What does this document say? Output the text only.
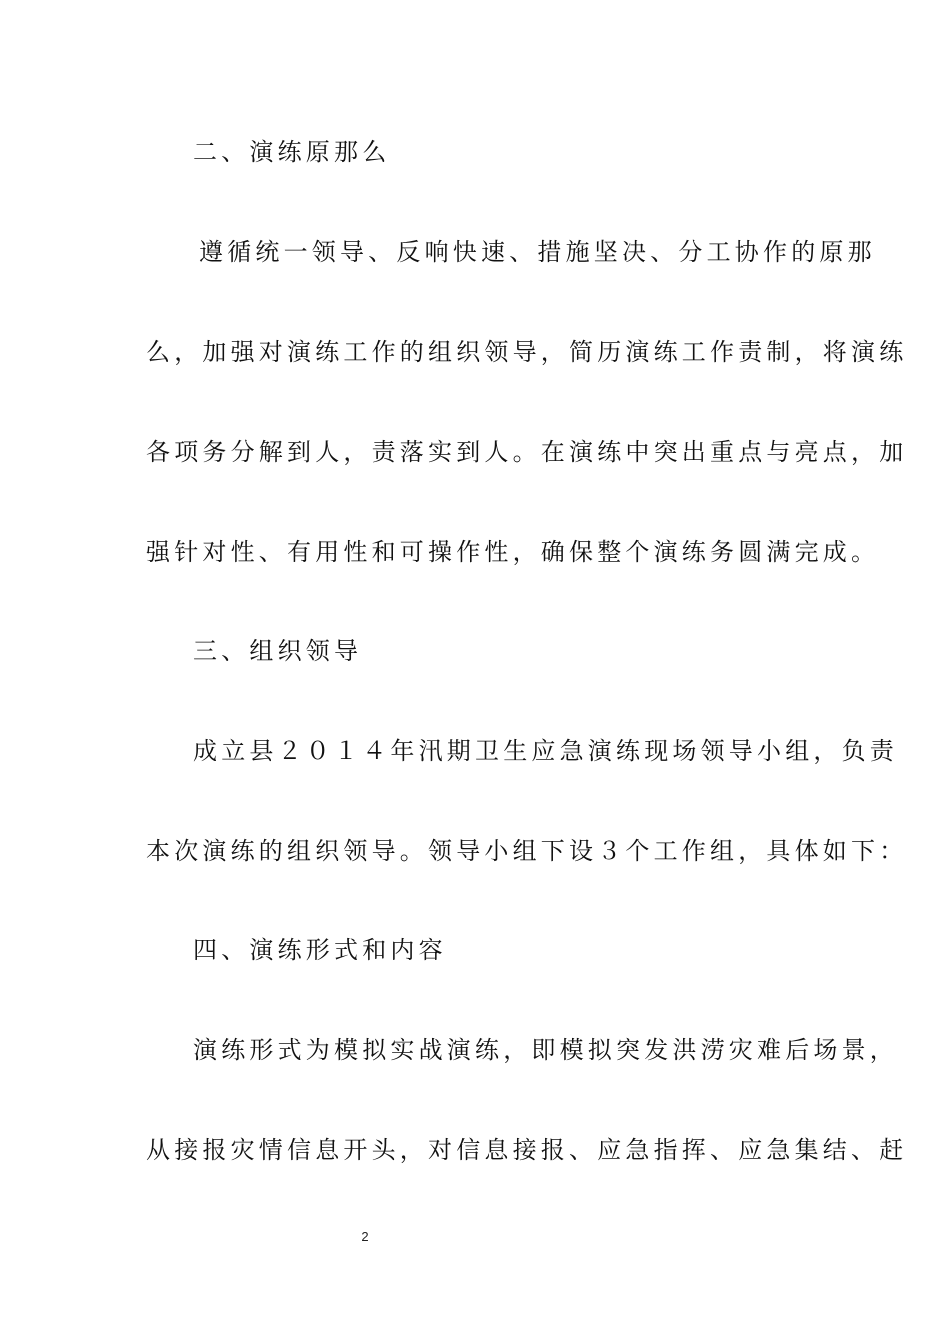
二、演练原那么
遵循统一领导、反响快速、措施坚决、分工协作的原那
么，加强对演练工作的组织领导，简历演练工作责制，将演练
各项务分解到人，责落实到人。在演练中突出重点与亮点，加
强针对性、有用性和可操作性，确保整个演练务圆满完成。
三、组织领导
成立县２０１４年汛期卫生应急演练现场领导小组，负责
本次演练的组织领导。领导小组下设３个工作组，具体如下：
四、演练形式和内容
演练形式为模拟实战演练，即模拟突发洪涝灾难后场景，
从接报灾情信息开头，对信息接报、应急指挥、应急集结、赶
2
